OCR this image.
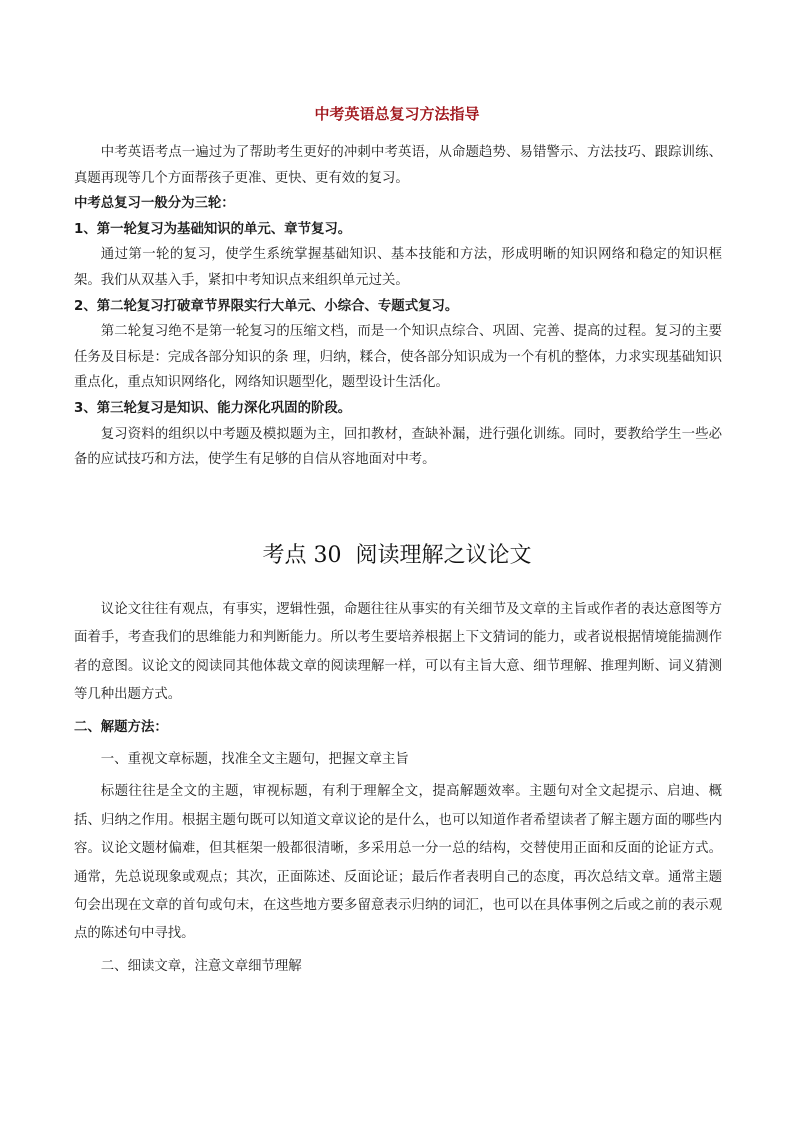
中考英语总复习方法指导

中考英语考点一遍过为了帮助考生更好的冲刺中考英语，从命题趋势、易错警示、方法技巧、跟踪训练、真题再现等几个方面帮孩子更准、更快、更有效的复习。

中考总复习一般分为三轮：

1、第一轮复习为基础知识的单元、章节复习。

通过第一轮的复习，使学生系统掌握基础知识、基本技能和方法，形成明晰的知识网络和稳定的知识框架。我们从双基入手，紧扣中考知识点来组织单元过关。

2、第二轮复习打破章节界限实行大单元、小综合、专题式复习。

第二轮复习绝不是第一轮复习的压缩文档，而是一个知识点综合、巩固、完善、提高的过程。复习的主要任务及目标是：完成各部分知识的条 理，归纳，糅合，使各部分知识成为一个有机的整体，力求实现基础知识重点化，重点知识网络化，网络知识题型化，题型设计生活化。

3、第三轮复习是知识、能力深化巩固的阶段。

复习资料的组织以中考题及模拟题为主，回扣教材，查缺补漏，进行强化训练。同时，要教给学生一些必备的应试技巧和方法，使学生有足够的自信从容地面对中考。

考点 30  阅读理解之议论文

议论文往往有观点，有事实，逻辑性强，命题往往从事实的有关细节及文章的主旨或作者的表达意图等方面着手，考查我们的思维能力和判断能力。所以考生要培养根据上下文猜词的能力，或者说根据情境能揣测作者的意图。议论文的阅读同其他体裁文章的阅读理解一样，可以有主旨大意、细节理解、推理判断、词义猜测等几种出题方式。

二、解题方法：

一、重视文章标题，找准全文主题句，把握文章主旨

标题往往是全文的主题，审视标题，有利于理解全文，提高解题效率。主题句对全文起提示、启迪、概括、归纳之作用。根据主题句既可以知道文章议论的是什么，也可以知道作者希望读者了解主题方面的哪些内容。议论文题材偏难，但其框架一般都很清晰，多采用总一分一总的结构，交替使用正面和反面的论证方式。通常，先总说现象或观点；其次，正面陈述、反面论证；最后作者表明自己的态度，再次总结文章。通常主题句会出现在文章的首句或句末，在这些地方要多留意表示归纳的词汇，也可以在具体事例之后或之前的表示观点的陈述句中寻找。

二、细读文章，注意文章细节理解
